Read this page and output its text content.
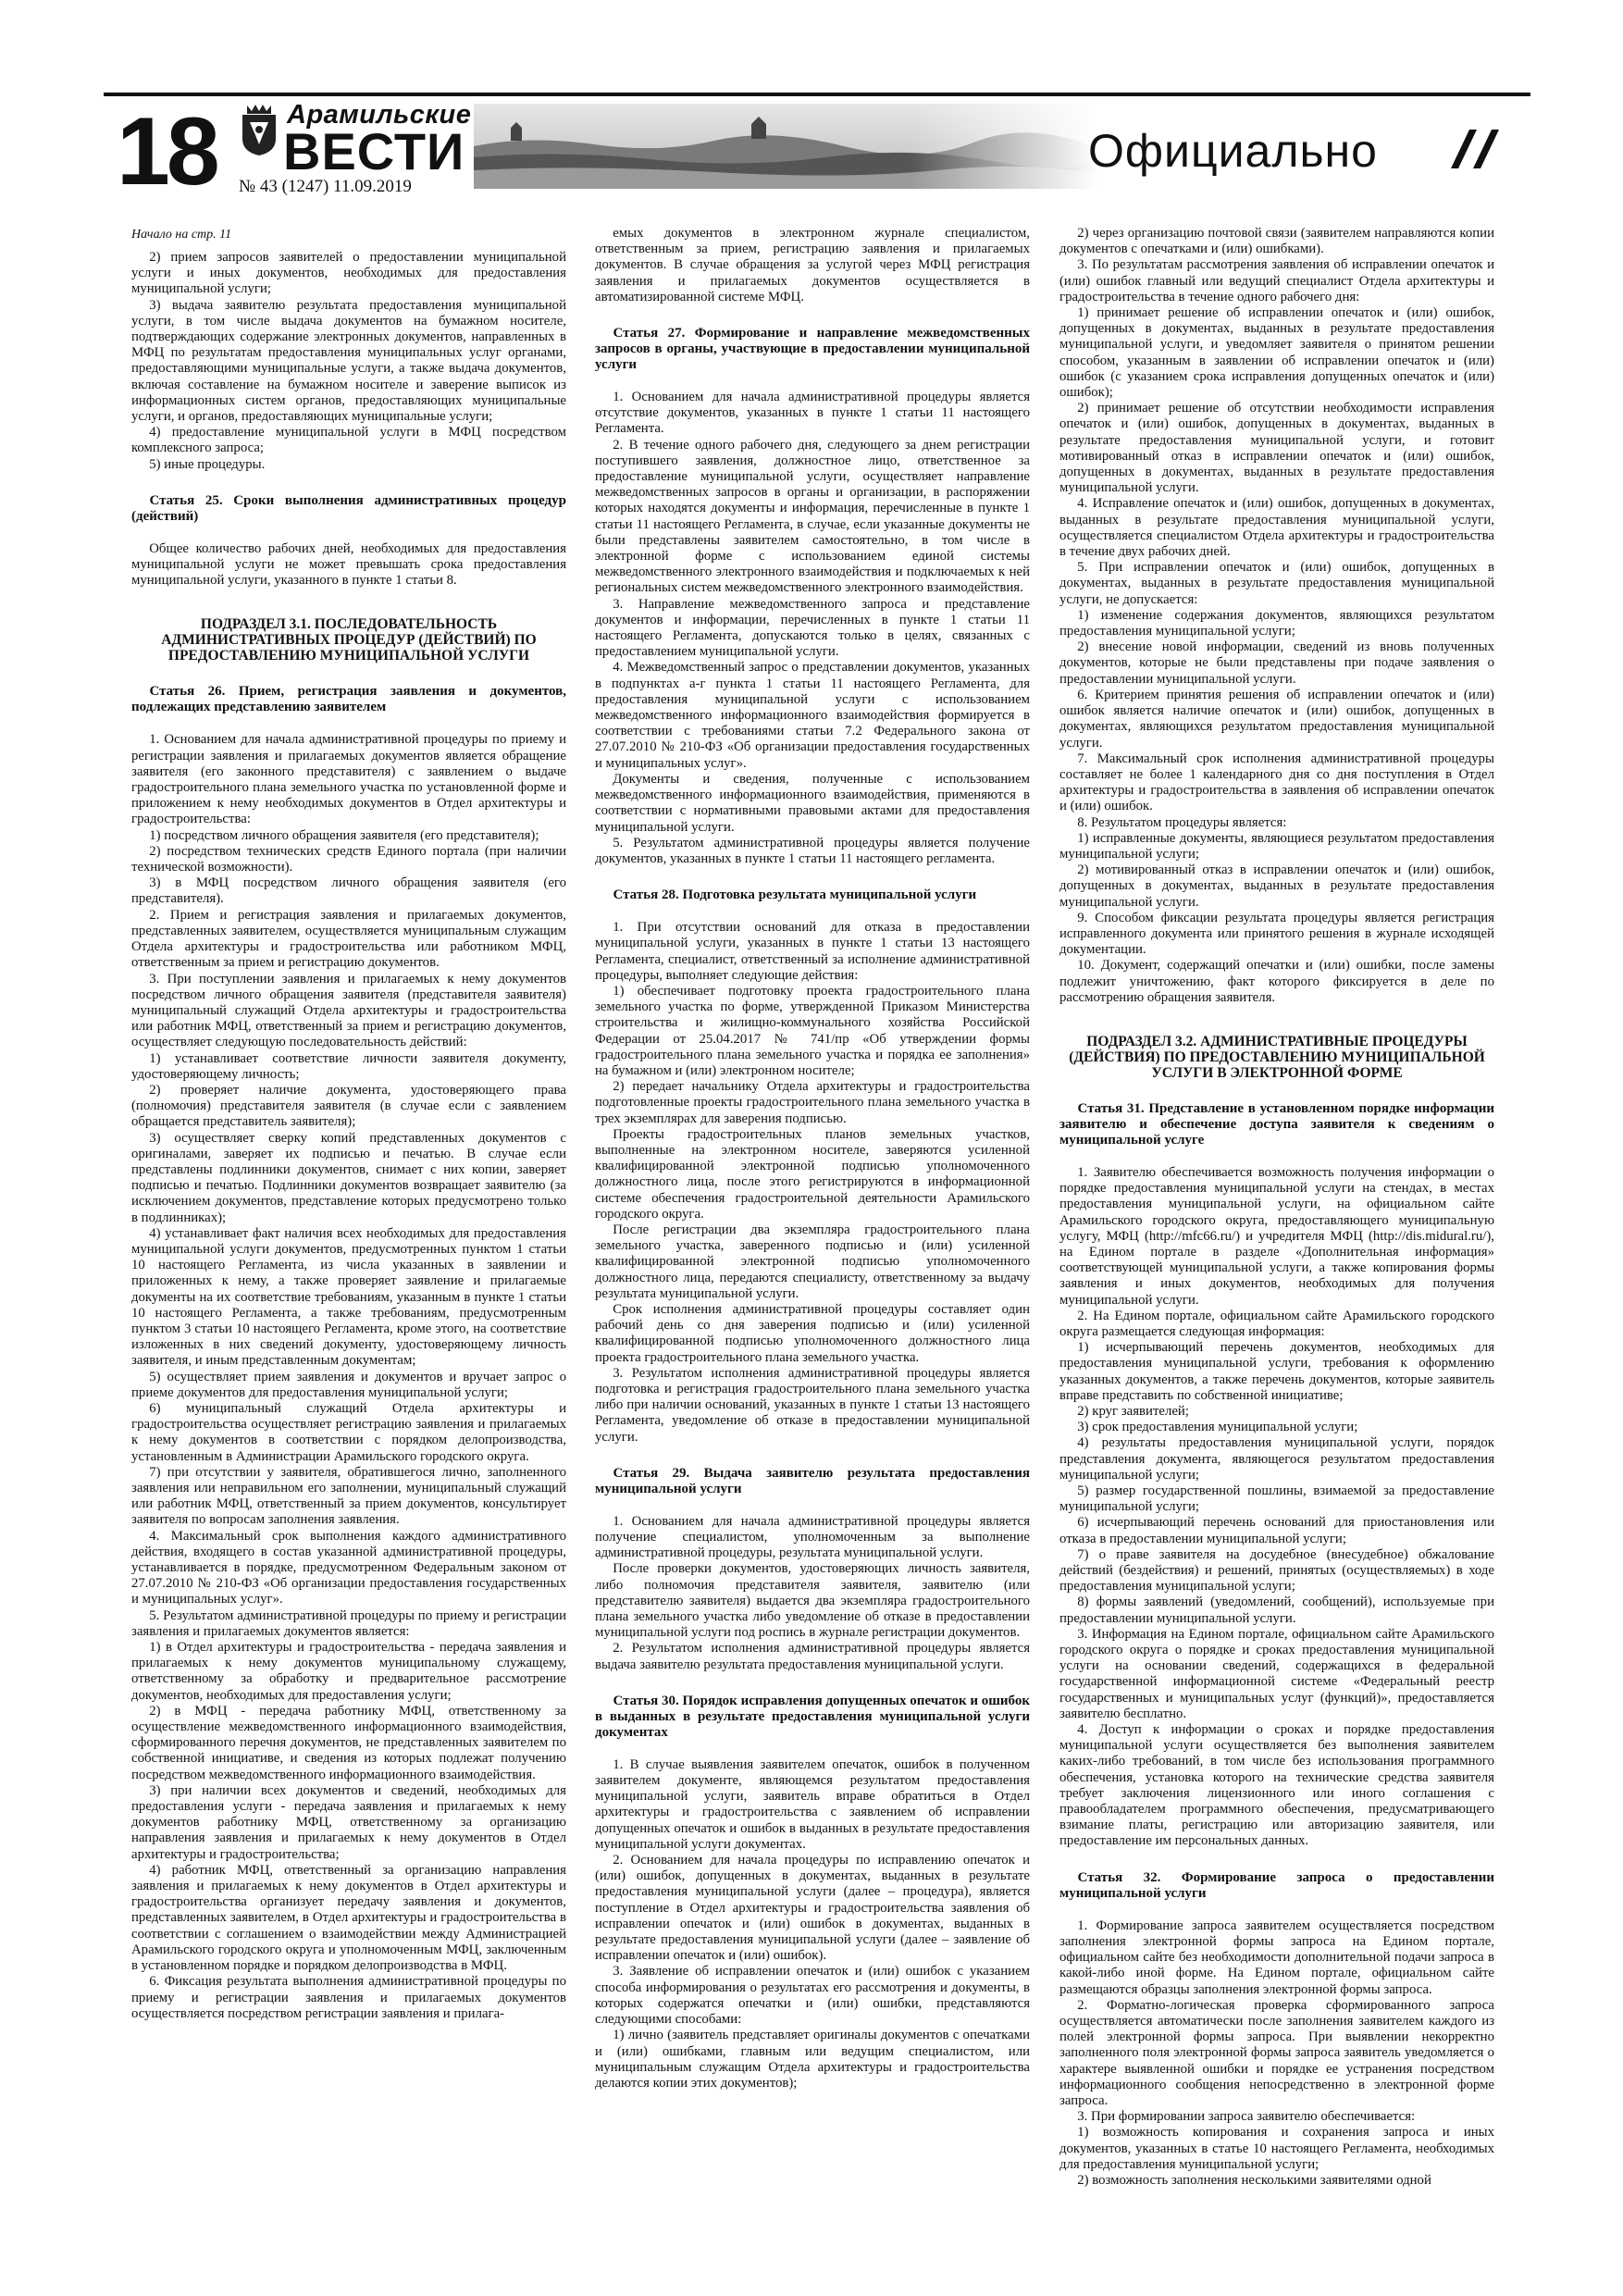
18	Арамильские
ВЕСТИ
№ 43 (1247) 11.09.2019
Официально
Начало на стр. 11

2) прием запросов заявителей о предоставлении муниципальной услуги и иных документов, необходимых для предоставления муниципальной услуги;

3) выдача заявителю результата предоставления муниципальной услуги, в том числе выдача документов на бумажном носителе, подтверждающих содержание электронных документов, направленных в МФЦ по результатам предоставления муниципальных услуг органами, предоставляющими муниципальные услуги, а также выдача документов, включая составление на бумажном носителе и заверение выписок из информационных систем органов, предоставляющих муниципальные услуги, и органов, предоставляющих муниципальные услуги;

4) предоставление муниципальной услуги в МФЦ посредством комплексного запроса;

5) иные процедуры.

Статья 25. Сроки выполнения административных процедур (действий)

Общее количество рабочих дней, необходимых для предоставления муниципальной услуги не может превышать срока предоставления муниципальной услуги, указанного в пункте 1 статьи 8.

ПОДРАЗДЕЛ 3.1. ПОСЛЕДОВАТЕЛЬНОСТЬ АДМИНИСТРАТИВНЫХ ПРОЦЕДУР (ДЕЙСТВИЙ) ПО ПРЕДОСТАВЛЕНИЮ МУНИЦИПАЛЬНОЙ УСЛУГИ
Статья 26. Прием, регистрация заявления и документов, подлежащих представлению заявителем

1. Основанием для начала административной процедуры по приему и регистрации заявления и прилагаемых документов является обращение заявителя (его законного представителя) с заявлением о выдаче градостроительного плана земельного участка по установленной форме и приложением к нему необходимых документов в Отдел архитектуры и градостроительства:

1) посредством личного обращения заявителя (его представителя);

2) посредством технических средств Единого портала (при наличии технической возможности).

3) в МФЦ посредством личного обращения заявителя (его представителя).

2. Прием и регистрация заявления и прилагаемых документов, представленных заявителем, осуществляется муниципальным служащим Отдела архитектуры и градостроительства или работником МФЦ, ответственным за прием и регистрацию документов.

3. При поступлении заявления и прилагаемых к нему документов посредством личного обращения заявителя (представителя заявителя) муниципальный служащий Отдела архитектуры и градостроительства или работник МФЦ, ответственный за прием и регистрацию документов, осуществляет следующую последовательность действий:

1) устанавливает соответствие личности заявителя документу, удостоверяющему личность;

2) проверяет наличие документа, удостоверяющего права (полномочия) представителя заявителя (в случае если с заявлением обращается представитель заявителя);

3) осуществляет сверку копий представленных документов с оригиналами, заверяет их подписью и печатью. В случае если представлены подлинники документов, снимает с них копии, заверяет подписью и печатью. Подлинники документов возвращает заявителю (за исключением документов, представление которых предусмотрено только в подлинниках);

4) устанавливает факт наличия всех необходимых для предоставления муниципальной услуги документов, предусмотренных пунктом 1 статьи 10 настоящего Регламента, из числа указанных в заявлении и приложенных к нему, а также проверяет заявление и прилагаемые документы на их соответствие требованиям, указанным в пункте 1 статьи 10 настоящего Регламента, а также требованиям, предусмотренным пунктом 3 статьи 10 настоящего Регламента, кроме этого, на соответствие изложенных в них сведений документу, удостоверяющему личность заявителя, и иным представленным документам;

5) осуществляет прием заявления и документов и вручает запрос о приеме документов для предоставления муниципальной услуги;

6) муниципальный служащий Отдела архитектуры и градостроительства осуществляет регистрацию заявления и прилагаемых к нему документов в соответствии с порядком делопроизводства, установленным в Администрации Арамильского городского округа.

7) при отсутствии у заявителя, обратившегося лично, заполненного заявления или неправильном его заполнении, муниципальный служащий или работник МФЦ, ответственный за прием документов, консультирует заявителя по вопросам заполнения заявления.

4. Максимальный срок выполнения каждого административного действия, входящего в состав указанной административной процедуры, устанавливается в порядке, предусмотренном Федеральным законом от 27.07.2010 № 210-ФЗ «Об организации предоставления государственных и муниципальных услуг».

5. Результатом административной процедуры по приему и регистрации заявления и прилагаемых документов является:

1) в Отдел архитектуры и градостроительства - передача заявления и прилагаемых к нему документов муниципальному служащему, ответственному за обработку и предварительное рассмотрение документов, необходимых для предоставления услуги;

2) в МФЦ - передача работнику МФЦ, ответственному за осуществление межведомственного информационного взаимодействия, сформированного перечня документов, не представленных заявителем по собственной инициативе, и сведения из которых подлежат получению посредством межведомственного информационного взаимодействия.

3) при наличии всех документов и сведений, необходимых для предоставления услуги - передача заявления и прилагаемых к нему документов работнику МФЦ, ответственному за организацию направления заявления и прилагаемых к нему документов в Отдел архитектуры и градостроительства;

4) работник МФЦ, ответственный за организацию направления заявления и прилагаемых к нему документов в Отдел архитектуры и градостроительства организует передачу заявления и документов, представленных заявителем, в Отдел архитектуры и градостроительства в соответствии с соглашением о взаимодействии между Администрацией Арамильского городского округа и уполномоченным МФЦ, заключенным в установленном порядке и порядком делопроизводства в МФЦ.

6. Фиксация результата выполнения административной процедуры по приему и регистрации заявления и прилагаемых документов осуществляется посредством регистрации заявления и прилага-

емых документов в электронном журнале специалистом, ответственным за прием, регистрацию заявления и прилагаемых документов. В случае обращения за услугой через МФЦ регистрация заявления и прилагаемых документов осуществляется в автоматизированной системе МФЦ.

Статья 27. Формирование и направление межведомственных запросов в органы, участвующие в предоставлении муниципальной услуги

1. Основанием для начала административной процедуры является отсутствие документов, указанных в пункте 1 статьи 11 настоящего Регламента.

2. В течение одного рабочего дня, следующего за днем регистрации поступившего заявления, должностное лицо, ответственное за предоставление муниципальной услуги, осуществляет направление межведомственных запросов в органы и организации, в распоряжении которых находятся документы и информация, перечисленные в пункте 1 статьи 11 настоящего Регламента, в случае, если указанные документы не были представлены заявителем самостоятельно, в том числе в электронной форме с использованием единой системы межведомственного электронного взаимодействия и подключаемых к ней региональных систем межведомственного электронного взаимодействия.

3. Направление межведомственного запроса и представление документов и информации, перечисленных в пункте 1 статьи 11 настоящего Регламента, допускаются только в целях, связанных с предоставлением муниципальной услуги.

4. Межведомственный запрос о представлении документов, указанных в подпунктах а-г пункта 1 статьи 11 настоящего Регламента, для предоставления муниципальной услуги с использованием межведомственного информационного взаимодействия формируется в соответствии с требованиями статьи 7.2 Федерального закона от 27.07.2010 № 210-ФЗ «Об организации предоставления государственных и муниципальных услуг».

Документы и сведения, полученные с использованием межведомственного информационного взаимодействия, применяются в соответствии с нормативными правовыми актами для предоставления муниципальной услуги.

5. Результатом административной процедуры является получение документов, указанных в пункте 1 статьи 11 настоящего регламента.

Статья 28. Подготовка результата муниципальной услуги

1. При отсутствии оснований для отказа в предоставлении муниципальной услуги, указанных в пункте 1 статьи 13 настоящего Регламента, специалист, ответственный за исполнение административной процедуры, выполняет следующие действия:

1) обеспечивает подготовку проекта градостроительного плана земельного участка по форме, утвержденной Приказом Министерства строительства и жилищно-коммунального хозяйства Российской Федерации от 25.04.2017 № 741/пр «Об утверждении формы градостроительного плана земельного участка и порядка ее заполнения» на бумажном и (или) электронном носителе;

2) передает начальнику Отдела архитектуры и градостроительства подготовленные проекты градостроительного плана земельного участка в трех экземплярах для заверения подписью.

Проекты градостроительных планов земельных участков, выполненные на электронном носителе, заверяются усиленной квалифицированной электронной подписью уполномоченного должностного лица, после этого регистрируются в информационной системе обеспечения градостроительной деятельности Арамильского городского округа.

После регистрации два экземпляра градостроительного плана земельного участка, заверенного подписью и (или) усиленной квалифицированной электронной подписью уполномоченного должностного лица, передаются специалисту, ответственному за выдачу результата муниципальной услуги.

Срок исполнения административной процедуры составляет один рабочий день со дня заверения подписью и (или) усиленной квалифицированной подписью уполномоченного должностного лица проекта градостроительного плана земельного участка.

3. Результатом исполнения административной процедуры является подготовка и регистрация градостроительного плана земельного участка либо при наличии оснований, указанных в пункте 1 статьи 13 настоящего Регламента, уведомление об отказе в предоставлении муниципальной услуги.

Статья 29. Выдача заявителю результата предоставления муниципальной услуги

1. Основанием для начала административной процедуры является получение специалистом, уполномоченным за выполнение административной процедуры, результата муниципальной услуги.

После проверки документов, удостоверяющих личность заявителя, либо полномочия представителя заявителя, заявителю (или представителю заявителя) выдается два экземпляра градостроительного плана земельного участка либо уведомление об отказе в предоставлении муниципальной услуги под роспись в журнале регистрации документов.

2. Результатом исполнения административной процедуры является выдача заявителю результата предоставления муниципальной услуги.

Статья 30. Порядок исправления допущенных опечаток и ошибок в выданных в результате предоставления муниципальной услуги документах

1. В случае выявления заявителем опечаток, ошибок в полученном заявителем документе, являющемся результатом предоставления муниципальной услуги, заявитель вправе обратиться в Отдел архитектуры и градостроительства с заявлением об исправлении допущенных опечаток и ошибок в выданных в результате предоставления муниципальной услуги документах.

2. Основанием для начала процедуры по исправлению опечаток и (или) ошибок, допущенных в документах, выданных в результате предоставления муниципальной услуги (далее – процедура), является поступление в Отдел архитектуры и градостроительства заявления об исправлении опечаток и (или) ошибок в документах, выданных в результате предоставления муниципальной услуги (далее – заявление об исправлении опечаток и (или) ошибок).

3. Заявление об исправлении опечаток и (или) ошибок с указанием способа информирования о результатах его рассмотрения и документы, в которых содержатся опечатки и (или) ошибки, представляются следующими способами:

1) лично (заявитель представляет оригиналы документов с опечатками и (или) ошибками, главным или ведущим специалистом, или муниципальным служащим Отдела архитектуры и градостроительства делаются копии этих документов);

2) через организацию почтовой связи (заявителем направляются копии документов с опечатками и (или) ошибками).

3. По результатам рассмотрения заявления об исправлении опечаток и (или) ошибок главный или ведущий специалист Отдела архитектуры и градостроительства в течение одного рабочего дня:

1) принимает решение об исправлении опечаток и (или) ошибок, допущенных в документах, выданных в результате предоставления муниципальной услуги, и уведомляет заявителя о принятом решении способом, указанным в заявлении об исправлении опечаток и (или) ошибок (с указанием срока исправления допущенных опечаток и (или) ошибок);

2) принимает решение об отсутствии необходимости исправления опечаток и (или) ошибок, допущенных в документах, выданных в результате предоставления муниципальной услуги, и готовит мотивированный отказ в исправлении опечаток и (или) ошибок, допущенных в документах, выданных в результате предоставления муниципальной услуги.

4. Исправление опечаток и (или) ошибок, допущенных в документах, выданных в результате предоставления муниципальной услуги, осуществляется специалистом Отдела архитектуры и градостроительства в течение двух рабочих дней.

5. При исправлении опечаток и (или) ошибок, допущенных в документах, выданных в результате предоставления муниципальной услуги, не допускается:

1) изменение содержания документов, являющихся результатом предоставления муниципальной услуги;

2) внесение новой информации, сведений из вновь полученных документов, которые не были представлены при подаче заявления о предоставлении муниципальной услуги.

6. Критерием принятия решения об исправлении опечаток и (или) ошибок является наличие опечаток и (или) ошибок, допущенных в документах, являющихся результатом предоставления муниципальной услуги.

7. Максимальный срок исполнения административной процедуры составляет не более 1 календарного дня со дня поступления в Отдел архитектуры и градостроительства в заявления об исправлении опечаток и (или) ошибок.

8. Результатом процедуры является:

1) исправленные документы, являющиеся результатом предоставления муниципальной услуги;

2) мотивированный отказ в исправлении опечаток и (или) ошибок, допущенных в документах, выданных в результате предоставления муниципальной услуги.

9. Способом фиксации результата процедуры является регистрация исправленного документа или принятого решения в журнале исходящей документации.

10. Документ, содержащий опечатки и (или) ошибки, после замены подлежит уничтожению, факт которого фиксируется в деле по рассмотрению обращения заявителя.

ПОДРАЗДЕЛ 3.2. АДМИНИСТРАТИВНЫЕ ПРОЦЕДУРЫ (ДЕЙСТВИЯ) ПО ПРЕДОСТАВЛЕНИЮ МУНИЦИПАЛЬНОЙ УСЛУГИ В ЭЛЕКТРОННОЙ ФОРМЕ
Статья 31. Представление в установленном порядке информации заявителю и обеспечение доступа заявителя к сведениям о муниципальной услуге

1. Заявителю обеспечивается возможность получения информации о порядке предоставления муниципальной услуги на стендах, в местах предоставления муниципальной услуги, на официальном сайте Арамильского городского округа, предоставляющего муниципальную услугу, МФЦ (http://mfc66.ru/) и учредителя МФЦ (http://dis.midural.ru/), на Едином портале в разделе «Дополнительная информация» соответствующей муниципальной услуги, а также копирования формы заявления и иных документов, необходимых для получения муниципальной услуги.

2. На Едином портале, официальном сайте Арамильского городского округа размещается следующая информация:

1) исчерпывающий перечень документов, необходимых для предоставления муниципальной услуги, требования к оформлению указанных документов, а также перечень документов, которые заявитель вправе представить по собственной инициативе;

2) круг заявителей;

3) срок предоставления муниципальной услуги;

4) результаты предоставления муниципальной услуги, порядок представления документа, являющегося результатом предоставления муниципальной услуги;

5) размер государственной пошлины, взимаемой за предоставление муниципальной услуги;

6) исчерпывающий перечень оснований для приостановления или отказа в предоставлении муниципальной услуги;

7) о праве заявителя на досудебное (внесудебное) обжалование действий (бездействия) и решений, принятых (осуществляемых) в ходе предоставления муниципальной услуги;

8) формы заявлений (уведомлений, сообщений), используемые при предоставлении муниципальной услуги.

3. Информация на Едином портале, официальном сайте Арамильского городского округа о порядке и сроках предоставления муниципальной услуги на основании сведений, содержащихся в федеральной государственной информационной системе «Федеральный реестр государственных и муниципальных услуг (функций)», предоставляется заявителю бесплатно.

4. Доступ к информации о сроках и порядке предоставления муниципальной услуги осуществляется без выполнения заявителем каких-либо требований, в том числе без использования программного обеспечения, установка которого на технические средства заявителя требует заключения лицензионного или иного соглашения с правообладателем программного обеспечения, предусматривающего взимание платы, регистрацию или авторизацию заявителя, или предоставление им персональных данных.

Статья 32. Формирование запроса о предоставлении муниципальной услуги

1. Формирование запроса заявителем осуществляется посредством заполнения электронной формы запроса на Едином портале, официальном сайте без необходимости дополнительной подачи запроса в какой-либо иной форме. На Едином портале, официальном сайте размещаются образцы заполнения электронной формы запроса.

2. Форматно-логическая проверка сформированного запроса осуществляется автоматически после заполнения заявителем каждого из полей электронной формы запроса. При выявлении некорректно заполненного поля электронной формы запроса заявитель уведомляется о характере выявленной ошибки и порядке ее устранения посредством информационного сообщения непосредственно в электронной форме запроса.

3. При формировании запроса заявителю обеспечивается:

1) возможность копирования и сохранения запроса и иных документов, указанных в статье 10 настоящего Регламента, необходимых для предоставления муниципальной услуги;

2) возможность заполнения несколькими заявителями одной
